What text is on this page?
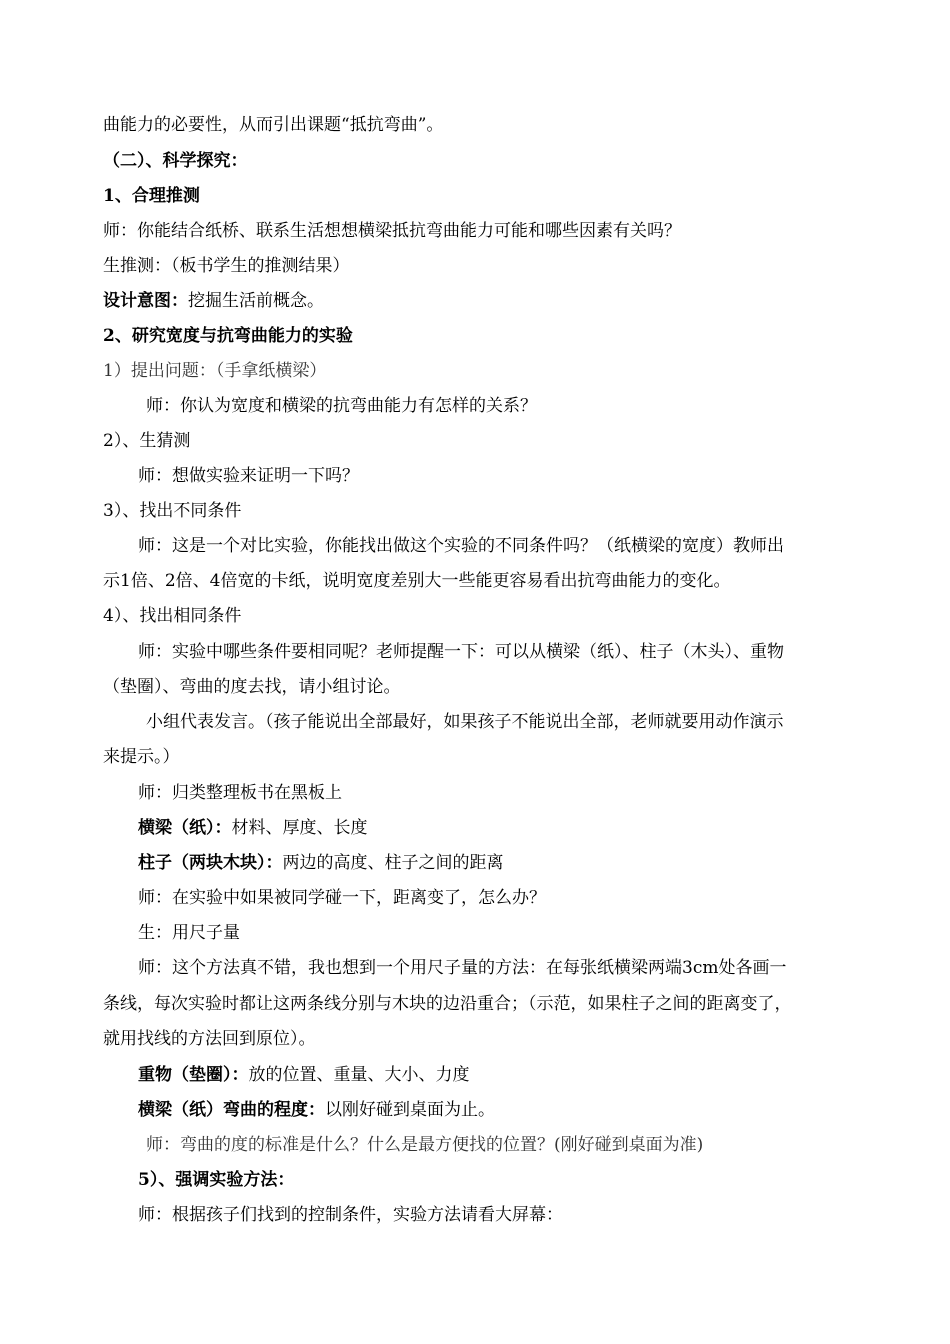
曲能力的必要性，从而引出课题“抵抗弯曲”。
（二）、科学探究：
1、合理推测
师：你能结合纸桥、联系生活想想横梁抵抗弯曲能力可能和哪些因素有关吗？
生推测：（板书学生的推测结果）
设计意图：挖掘生活前概念。
2、研究宽度与抗弯曲能力的实验
1）提出问题：（手拿纸横梁）
师：你认为宽度和横梁的抗弯曲能力有怎样的关系？
2）、生猜测
师：想做实验来证明一下吗？
3）、找出不同条件
师：这是一个对比实验，你能找出做这个实验的不同条件吗？（纸横梁的宽度）教师出
示1倍、2倍、4倍宽的卡纸，说明宽度差别大一些能更容易看出抗弯曲能力的变化。
4）、找出相同条件
师：实验中哪些条件要相同呢？老师提醒一下：可以从横梁（纸）、柱子（木头）、重物
（垫圈）、弯曲的度去找，请小组讨论。
小组代表发言。（孩子能说出全部最好，如果孩子不能说出全部，老师就要用动作演示
来提示。）
师：归类整理板书在黑板上
横梁（纸）：材料、厚度、长度
柱子（两块木块）：两边的高度、柱子之间的距离
师：在实验中如果被同学碰一下，距离变了，怎么办？
生：用尺子量
师：这个方法真不错，我也想到一个用尺子量的方法：在每张纸横梁两端3cm处各画一
条线，每次实验时都让这两条线分别与木块的边沿重合；（示范，如果柱子之间的距离变了，
就用找线的方法回到原位）。
重物（垫圈）：放的位置、重量、大小、力度
横梁（纸）弯曲的程度：以刚好碰到桌面为止。
师：弯曲的度的标准是什么？什么是最方便找的位置？(刚好碰到桌面为准)
5）、强调实验方法：
师：根据孩子们找到的控制条件，实验方法请看大屏幕：
